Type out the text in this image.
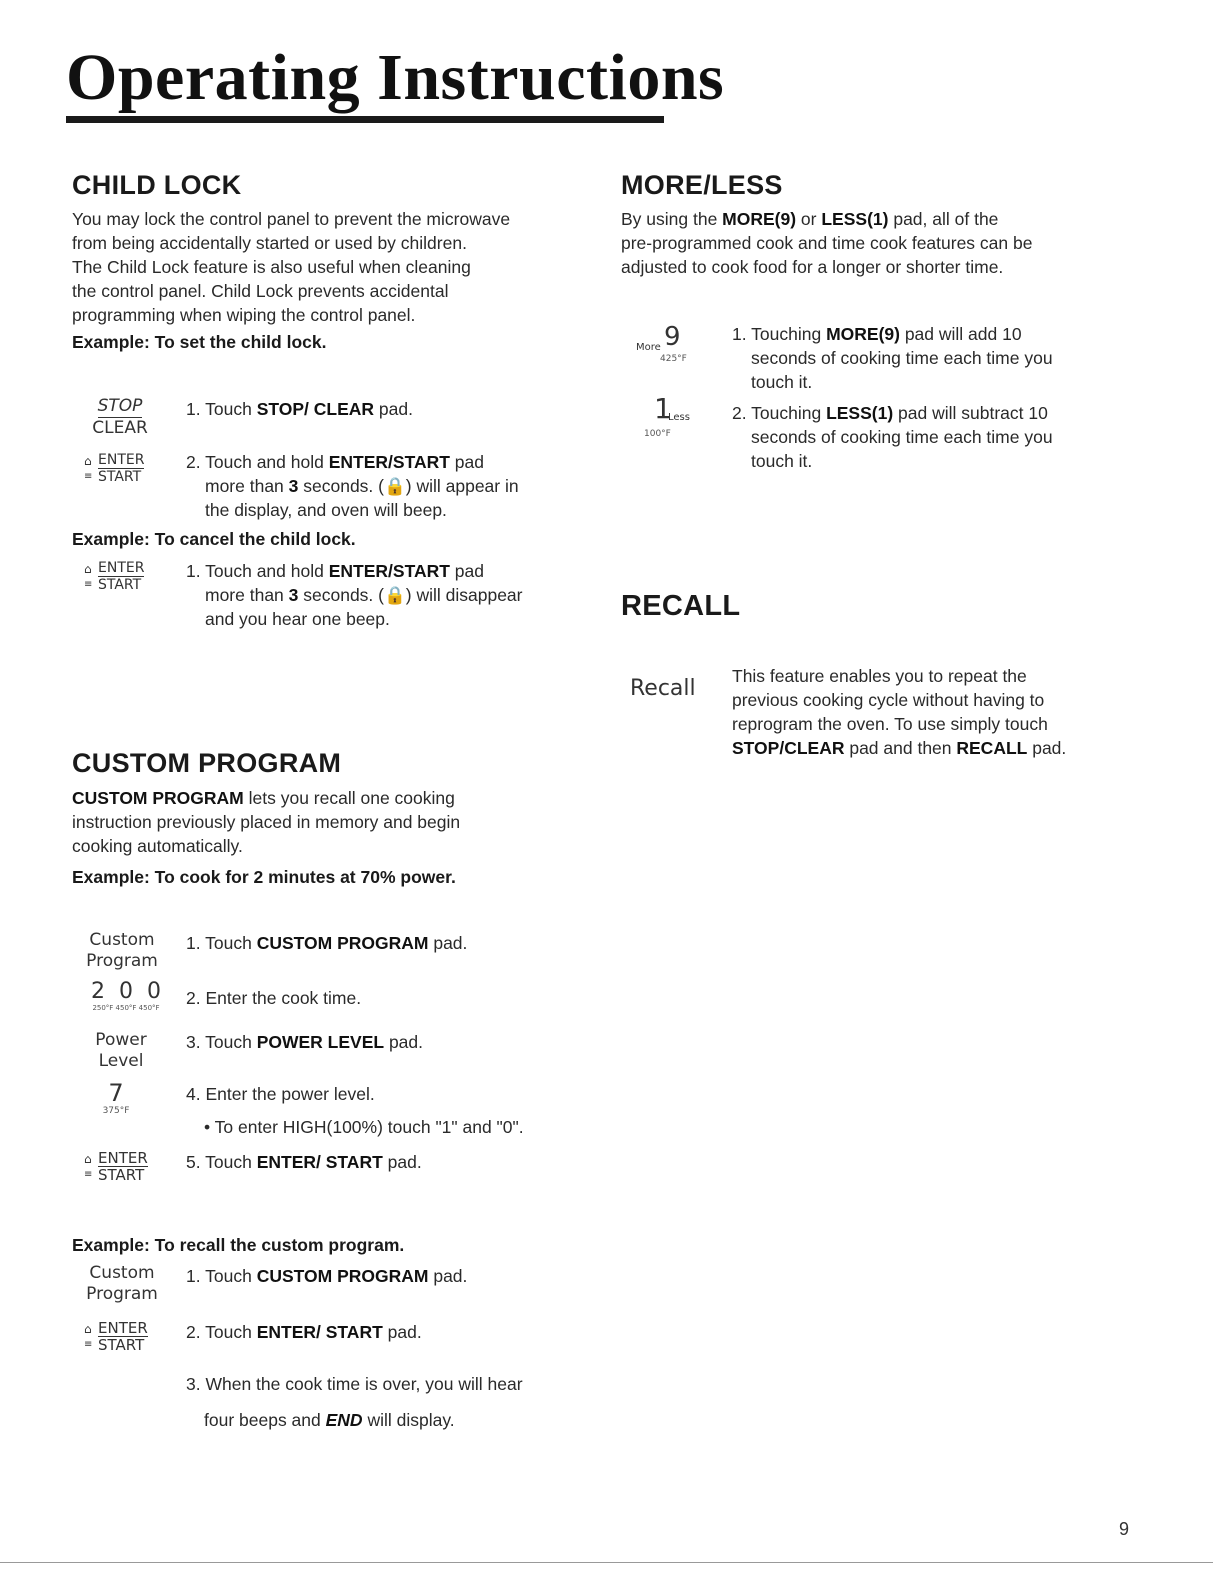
Operating Instructions
CHILD LOCK
You may lock the control panel to prevent the microwave
from being accidentally started or used by children.
The Child Lock feature is also useful when cleaning
the control panel. Child Lock prevents accidental
programming when wiping the control panel.
Example: To set the child lock.
STOP
CLEAR
1. Touch STOP/ CLEAR pad.
⌂ ENTER
≡ START
2. Touch and hold ENTER/START pad
more than 3 seconds. (🔒) will appear in
the display, and oven will beep.
Example: To cancel the child lock.
⌂ ENTER
≡ START
1. Touch and hold ENTER/START pad
more than 3 seconds. (🔒) will disappear
and you hear one beep.
CUSTOM PROGRAM
CUSTOM PROGRAM lets you recall one cooking
instruction previously placed in memory and begin
cooking automatically.
Example: To cook for 2 minutes at 70% power.
Custom
Program
1. Touch CUSTOM PROGRAM pad.
2  0  0
250°F 450°F 450°F	2. Enter the cook time.
Power
Level
3. Touch POWER LEVEL pad.
7
375°F
4. Enter the power level.
• To enter HIGH(100%) touch "1" and "0".
⌂ ENTER
≡ START
5. Touch ENTER/ START pad.
Example: To recall the custom program.
Custom
Program
1. Touch CUSTOM PROGRAM pad.
⌂ ENTER
≡ START
2. Touch ENTER/ START pad.
3. When the cook time is over, you will hear
four beeps and END will display.
MORE/LESS
By using the MORE(9) or LESS(1) pad, all of the
pre-programmed cook and time cook features can be
adjusted to cook food for a longer or shorter time.
More 9
425°F
1. Touching MORE(9) pad will add 10
seconds of cooking time each time you
touch it.
1
Less
100°F
2. Touching LESS(1) pad will subtract 10
seconds of cooking time each time you
touch it.
RECALL
Recall This feature enables you to repeat the
previous cooking cycle without having to
reprogram the oven. To use simply touch
STOP/CLEAR pad and then RECALL pad.
9
